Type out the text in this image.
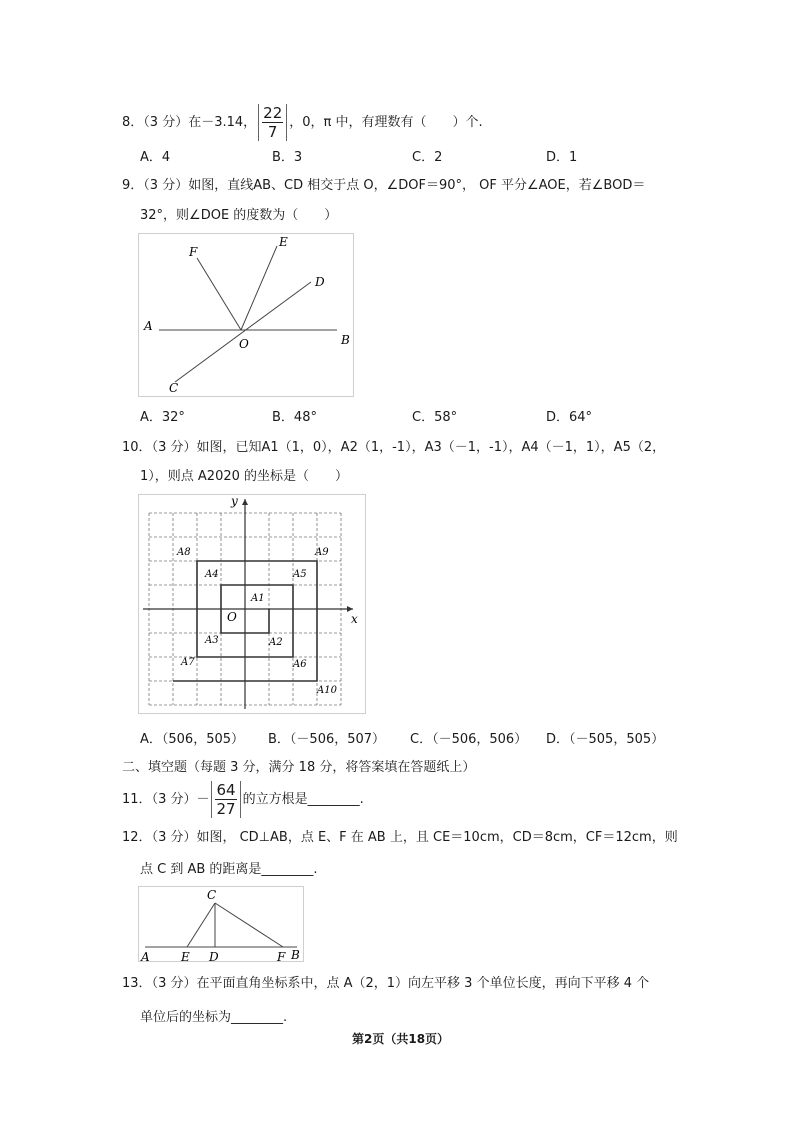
8．（3 分）在－3.14， $\frac{22}{7}$ ，0，π 中，有理数有（　　）个.
A．4	B．3	C．2	D．1
9．（3 分）如图，直线AB、CD 相交于点 O，∠DOF＝90°， OF 平分∠AOE，若∠BOD＝
32°，则∠DOE 的度数为（　　）
F
E
D
A
O	B
C
A．32°	B．48°	C．58°	D．64°
10．（3 分）如图，已知A1（1，0），A2（1，-1），A3（－1，-1），A4（－1，1），A5（2，
1），则点 A2020 的坐标是（　　）
y
x
O
A1
A2
A3
A4	A5
A6
A7
A8	A9
A10
A．（506，505） B．（－506，507） C．（－506，506） D．（－505，505）
二、填空题（每题 3 分，满分 18 分，将答案填在答题纸上）
11．（3 分）－ $\frac{64}{27}$ 的立方根是________.
12．（3 分）如图， CD⊥AB，点 E、F 在 AB 上，且 CE＝10cm，CD＝8cm，CF＝12cm，则
点 C 到 AB 的距离是________.
C
A	E D	F B
13．（3 分）在平面直角坐标系中，点 A（2，1）向左平移 3 个单位长度，再向下平移 4 个
单位后的坐标为________.
第2页（共18页）
